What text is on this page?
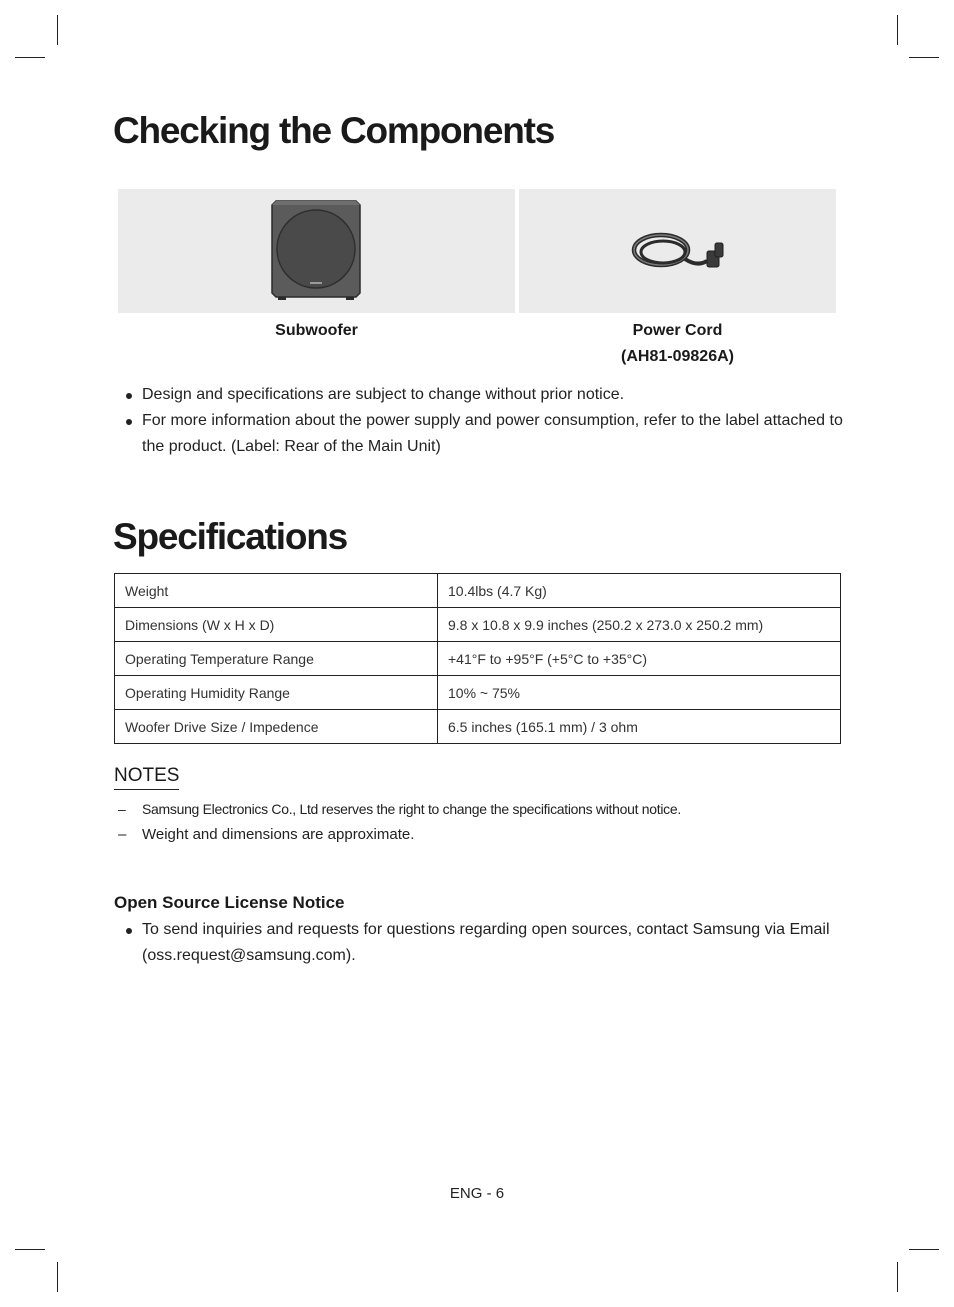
Checking the Components
Subwoofer	Power Cord
(AH81-09826A)
Design and specifications are subject to change without prior notice.
For more information about the power supply and power consumption, refer to the label attached to the product. (Label: Rear of the Main Unit)
Specifications
Weight	10.4lbs (4.7 Kg)
Dimensions (W x H x D)	9.8 x 10.8 x 9.9 inches (250.2 x 273.0 x 250.2 mm)
Operating Temperature Range	+41°F to +95°F (+5°C to +35°C)
Operating Humidity Range	10% ~ 75%
Woofer Drive Size / Impedence	6.5 inches (165.1 mm) / 3 ohm
NOTES
– Samsung Electronics Co., Ltd reserves the right to change the specifications without notice.
– Weight and dimensions are approximate.
Open Source License Notice
To send inquiries and requests for questions regarding open sources, contact Samsung via Email (oss.request@samsung.com).
ENG - 6
